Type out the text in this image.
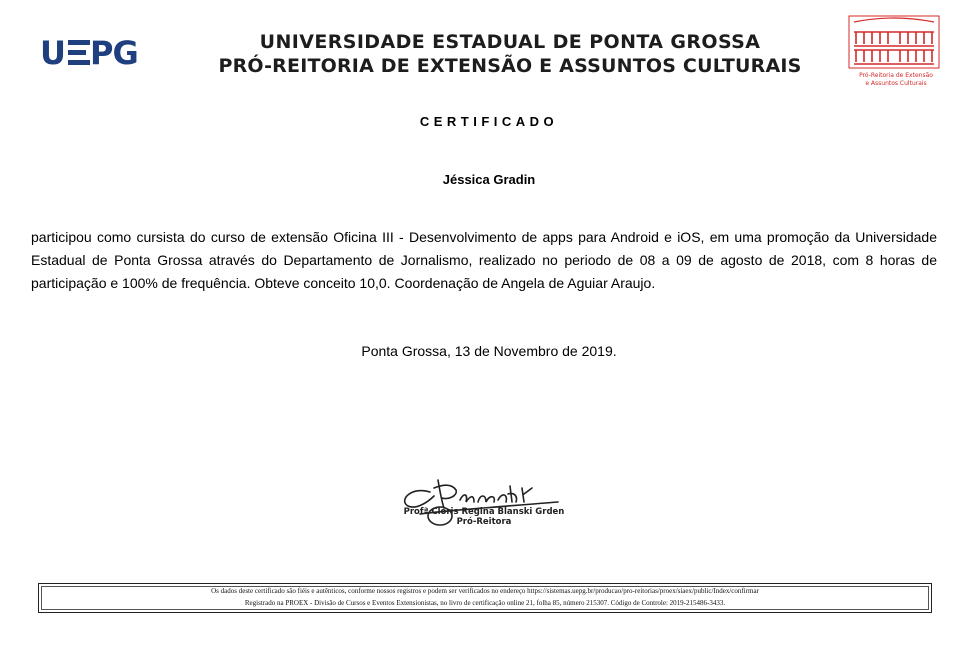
U PG	UNIVERSIDADE ESTADUAL DE PONTA GROSSA
PRÓ-REITORIA DE EXTENSÃO E ASSUNTOS CULTURAIS	Pró-Reitoria de Extensão
e Assuntos Culturais
CERTIFICADO
Jéssica Gradin
participou como cursista do curso de extensão Oficina III - Desenvolvimento de apps para Android e iOS, em uma promoção da Universidade Estadual de Ponta Grossa através do Departamento de Jornalismo, realizado no periodo de 08 a 09 de agosto de 2018, com 8 horas de participação e 100% de frequência. Obteve conceito 10,0. Coordenação de Angela de Aguiar Araujo.
Ponta Grossa, 13 de Novembro de 2019.
Profª Cloris Regina Blanski Grden
Pró-Reitora
Os dados deste certificado são fiéis e autênticos, conforme nossos registros e podem ser verificados no endereço https://sistemas.uepg.br/producao/pro-reitorias/proex/siaex/public/Index/confirmar
Registrado na PROEX - Divisão de Cursos e Eventos Extensionistas, no livro de certificação online 21, folha 85, número 215307. Código de Controle: 2019-215486-3433.
